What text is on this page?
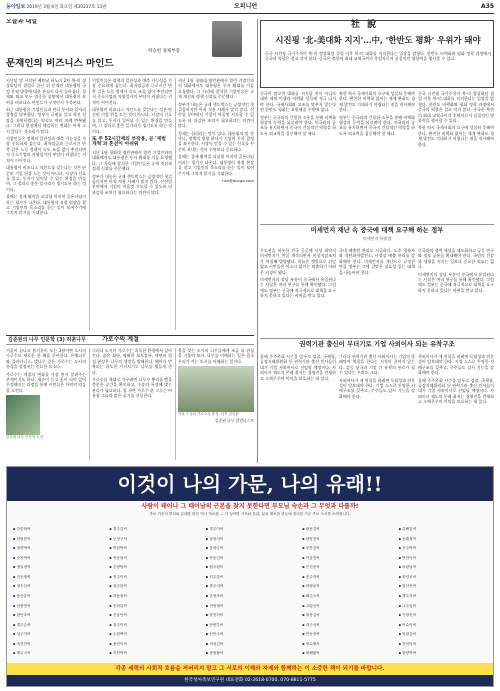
동아일보 2019년 3월 6일 화요일 제30237호 13판	오피니언	A35
오늘과 내일
허승현 경제부장
문재인의 비즈니스 마인드

지난달 말 시작된 베트남 하노이 2차 북-미 정상회담이 결렬로 끝난 뒤 문재인 대통령의 국정 운영 방향에 대한 관심이 다시 높아졌다. 경제와 외교 모두 엄중한 상황에서 대통령이 보여줄 비즈니스 마인드가 무엇인지 주목된다.

최근 대통령은 기업인들과 만나 투자와 일자리 창출을 당부했다. 정부가 규제를 풀고 혁신 성장을 지원하겠다는 약속도 여러 차례 반복됐다. 그러나 현장에서 체감하는 변화는 아직 크지 않다는 목소리가 많다.

기업인들은 정책의 일관성과 예측 가능성을 가장 중요하게 꼽는다. 최저임금과 근로시간 단축 같은 노동 정책이 속도 조절 없이 추진되면서 중소기업과 자영업자의 부담이 커졌다는 지적이 이어진다.

대통령이 비즈니스 마인드를 갖는다는 것은 단순히 기업 편을 드는 것이 아니다. 시장의 신호를 읽고, 투자가 일어날 수 있는 환경을 만들며, 그 결과로 좋은 일자리가 생기도록 하는 것이다.

올해는 경제 활력을 되살릴 마지막 골든타임이라는 평가가 나온다. 대통령이 직접 현장을 찾고 기업인의 목소리를 듣는 일이 보여주기에 그치지 않기를 기대한다.

기업인들은 정책의 일관성과 예측 가능성을 가장 중요하게 꼽는다. 최저임금과 근로시간 단축 같은 노동 정책이 속도 조절 없이 추진되면서 중소기업과 자영업자의 부담이 커졌다는 지적이 이어진다.

대통령이 비즈니스 마인드를 갖는다는 것은 단순히 기업 편을 드는 것이 아니다. 시장의 신호를 읽고, 투자가 일어날 수 있는 환경을 만들며, 그 결과로 좋은 일자리가 생기도록 하는 것이다.

또 주 52시간제의 부작용, 곧 '재벌 개혁'과 혼선이 아쉬워

지난 1월 청와대 영빈관에서 열린 기업인과의 대화에서도 대통령은 투자 확대를 거듭 요청했다. 그 자리에 참석한 기업인들은 규제 개선과 정책 신뢰를 주문했다.

정부가 내놓은 규제 샌드박스는 긍정적인 첫걸음이지만 아직 적용 사례가 많지 않다. 신산업 분야에서 기업이 마음껏 시도할 수 있도록 더 과감한 조치가 필요하다는 의견이 많다.

지난 1월 청와대 영빈관에서 열린 기업인과의 대화에서도 대통령은 투자 확대를 거듭 요청했다. 그 자리에 참석한 기업인들은 규제 개선과 정책 신뢰를 주문했다.

정부가 내놓은 규제 샌드박스는 긍정적인 첫걸음이지만 아직 적용 사례가 많지 않다. 신산업 분야에서 기업이 마음껏 시도할 수 있도록 더 과감한 조치가 필요하다는 의견이 많다.

경제는 심리라는 말이 있다. 대통령의 말 한마디, 정책의 방향 하나가 기업의 투자 결정을 좌우한다. 시장이 믿을 수 있는 신호를 꾸준히 보내는 것이 무엇보다 중요하다.

올해는 경제 활력을 되살릴 마지막 골든타임이라는 평가가 나온다. 대통령이 직접 현장을 찾고 기업인의 목소리를 듣는 일이 보여주기에 그치지 않기를 기대한다.

hsh@donga.com
김준원의 나무 인문학 (3) 허훈나무	가로수의 계절

겨울이 끝나고 봄기운이 도는 3월이면 도시의 가로수도 새로운 한 해를 준비한다. 은행나무와 플라타너스, 벚나무 같은 가로수는 도시의 풍경을 결정짓는 중요한 요소다.

가로수는 계절의 변화를 가장 먼저 알려주는 존재이기도 하다. 새순이 돋고 꽃이 피며 잎이 무성해지는 과정을 통해 시민들은 자연의 리듬을 느낀다.

김준원 나무 인문학 도서

그러나 도시의 가로수는 혹독한 환경에서 살아간다. 좁은 화단, 딱딱한 보도블록, 매연과 열섬 현상은 나무의 생장을 방해한다. 해마다 반복되는 과도한 가지치기도 나무를 병들게 한다.

가로수를 제대로 가꾸려면 나무가 뿌리를 뻗을 충분한 공간을 확보하고, 수종의 특성에 맞는 관리가 필요하다. 잘 자란 가로수 한 그루는 여름철 그늘과 맑은 공기를 선물한다.

봄을 맞는 도시의 나무들에게 조금 더 관심을 기울여 보자. 나무를 이해하는 일은 결국 우리가 사는 도시를 이해하는 일이다.

서울 도심의 가로수길 풍경. 사진 김준원
김준원 나무 칼럼니스트
社 說
시진핑 '北-美대화 지지'…中, '한반도 평화' 우위가 돼야

중국 시진핑 국가주석이 북-미 정상회담 결렬 이후 북-미 대화를 지지한다는 입장을 밝혔다. 한반도 비핵화와 평화 정착 과정에서 중국의 역할은 결코 작지 않다. 중국은 북한의 최대 교역국이자 후원자로서 실질적인 영향력을 행사할 수 있다.

중국이 말로만 대화를 지지할 것이 아니라 대북 제재 이행과 비핵화 설득에 적극 나서야 한다. 국제사회와 보조를 맞추지 않는다면 한반도 평화는 요원해질 수밖에 없다.

정부는 중국과의 긴밀한 소통을 통해 비핵화 협상의 동력을 되살려야 한다. 미국과의 공조를 유지하면서 중국이 건설적인 역할을 하도록 외교력을 집중해야 할 때다.

북한 역시 국제사회의 요구에 성실히 응해야 한다. 완전한 비핵화 없이는 제재 완화도 경제 발전도 기대하기 어렵다는 점을 직시해야 한다.

정부는 중국과의 긴밀한 소통을 통해 비핵화 협상의 동력을 되살려야 한다. 미국과의 공조를 유지하면서 중국이 건설적인 역할을 하도록 외교력을 집중해야 할 때다.

중국 시진핑 국가주석이 북-미 정상회담 결렬 이후 북-미 대화를 지지한다는 입장을 밝혔다. 한반도 비핵화와 평화 정착 과정에서 중국의 역할은 결코 작지 않다. 중국은 북한의 최대 교역국이자 후원자로서 실질적인 영향력을 행사할 수 있다.

북한 역시 국제사회의 요구에 성실히 응해야 한다. 완전한 비핵화 없이는 제재 완화도 경제 발전도 기대하기 어렵다는 점을 직시해야 한다.

미세먼지 재난 속 중국에 대책 요구해 하는 정부
미세먼지 특별법

수도권을 비롯한 전국 곳곳에 사상 최악의 미세먼지가 연일 계속되면서 비상저감조치가 며칠째 발령됐다. 하늘은 잿빛으로 뒤덮였고 시민들은 마스크 없이는 외출하기 어려운 지경이 됐다.

미세먼지의 상당 부분이 중국에서 유입된다는 사실은 여러 연구를 통해 확인됐다. 그럼에도 정부는 중국에 적극적으로 대책을 요구하지 못하고 있다는 비판을 받고 있다.

국내 배출원 관리도 시급하다. 노후 경유차와 석탄화력발전소, 사업장 배출 관리를 강화해야 한다. 미세먼지를 재난으로 규정한 만큼 정부는 그에 걸맞은 실효성 있는 대책을 내놓아야 한다.

중국과의 협력 채널을 제도화하고 공동 연구와 정보 공유를 확대해야 한다. 국민의 건강과 생명을 지키는 일보다 중요한 외교는 없다.

미세먼지의 상당 부분이 중국에서 유입된다는 사실은 여러 연구를 통해 확인됐다. 그럼에도 정부는 중국에 적극적으로 대책을 요구하지 못하고 있다는 비판을 받고 있다.

권력기관 출신이 무더기로 기업 사외이사 되는 유착구조

올해 주주총회 시즌을 앞두고 검찰, 국세청, 공정거래위원회 등 권력기관 출신 인사들이 대거 기업 사외이사로 선임될 예정이다. 사외이사 제도의 본래 취지는 경영진을 견제하고 소액주주의 이익을 보호하는 데 있다.

그러나 권력기관 출신 사외이사는 기업의 방패막이 역할을 한다는 지적이 끊이지 않는다. 감독 당국과 기업 간 유착의 통로가 될 수 있다는 우려도 크다.

사외이사가 제 역할을 하려면 독립성과 전문성이 담보돼야 한다. 기업 스스로 투명한 지배구조를 갖추고, 주주들도 감시 기능을 강화해야 한다.

사외이사가 제 역할을 하려면 독립성과 전문성이 담보돼야 한다. 기업 스스로 투명한 지배구조를 갖추고, 주주들도 감시 기능을 강화해야 한다.

올해 주주총회 시즌을 앞두고 검찰, 국세청, 공정거래위원회 등 권력기관 출신 인사들이 대거 기업 사외이사로 선임될 예정이다. 사외이사 제도의 본래 취지는 경영진을 견제하고 소액주주의 이익을 보호하는 데 있다.

이것이 나의 가문, 나의 유래!!
사람이 태어나 그 태어남의 근본을 찾지 못한다면 부모님 숙손과 그 무엇과 다를까!
족보 가문의 뿌리와 유래를 밝힌 역사 자료집 — 각 성씨별 시조와 본관, 분파 계보를 한눈에 정리한 가문 족보 도서를 소개합니다.
▪ 강릉최씨	▪ 경주김씨	▪ 경주이씨	▪ 광산김씨	▪ 김해김씨
▪ 남평문씨	▪ 능성구씨	▪ 달성서씨	▪ 담양전씨	▪ 동래정씨
▪ 밀양박씨	▪ 반남박씨	▪ 봉화금씨	▪ 부안김씨	▪ 상주박씨
▪ 순천박씨	▪ 안동권씨	▪ 안동김씨	▪ 여흥민씨	▪ 연안이씨
▪ 영일정씨	▪ 온양방씨	▪ 원주원씨	▪ 은진송씨	▪ 의령남씨
▪ 인동장씨	▪ 전주이씨	▪ 진주강씨	▪ 진주하씨	▪ 창녕조씨
▪ 청송심씨	▪ 청주한씨	▪ 충주지씨	▪ 파평윤씨	▪ 평산신씨
▪ 풍산류씨	▪ 하동정씨	▪ 한양조씨	▪ 해주오씨	▪ 행주기씨
▪ 남원양씨	▪ 문화류씨	▪ 진양정씨	▪ 고령신씨	▪ 나주임씨
▪ 함안조씨	▪ 순흥안씨	▪ 양천허씨	▪ 청풍김씨	▪ 거창신씨
▪ 경주손씨	▪ 광주이씨	▪ 단양우씨	▪ 대구서씨	▪ 덕수이씨
▪ 성주이씨	▪ 수원백씨	▪ 신안주씨	▪ 안동장씨	▪ 영광김씨
▪ 옥천전씨	▪ 용인이씨	▪ 의성김씨	▪ 장수황씨	▪ 전의이씨
▪ 제주고씨	▪ 죽산박씨	▪ 창원황씨	▪ 평해황씨	▪ 함양박씨
각종 세력의 사회적 흐름을 저버리지 말고 그 서로의 이해와 자제와 함께하는 이 소중한 책이 되기를 바랍니다.
한국성씨족보연구원 대표전화 02-2618-0700, 070-8811-5775
